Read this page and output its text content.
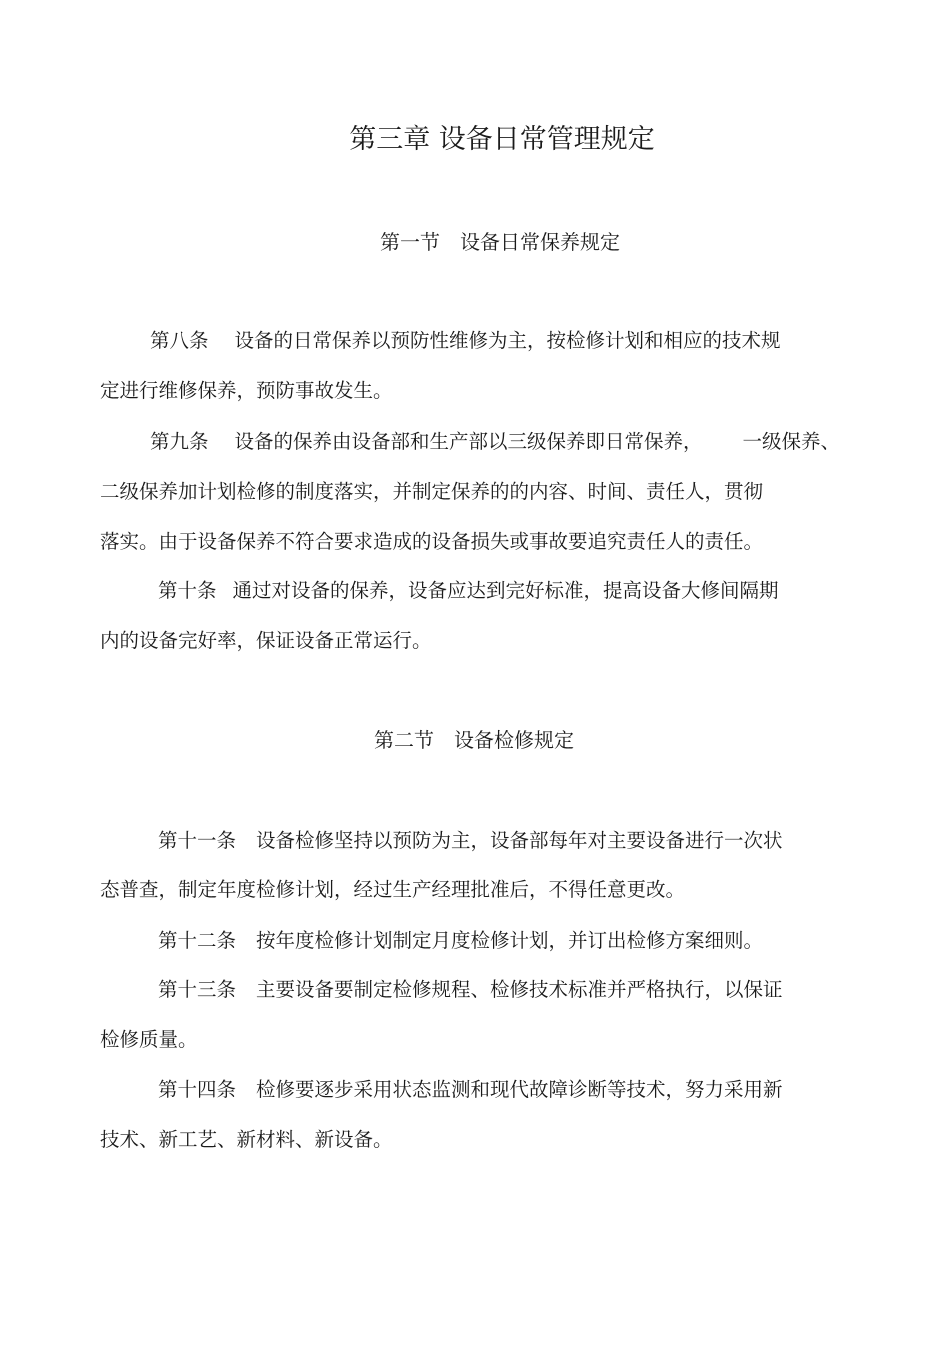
第三章 设备日常管理规定
第一节 设备日常保养规定
第八条 设备的日常保养以预防性维修为主，按检修计划和相应的技术规
定进行维修保养，预防事故发生。
第九条 设备的保养由设备部和生产部以三级保养即日常保养， 一级保养、
二级保养加计划检修的制度落实，并制定保养的的内容、时间、责任人，贯彻
落实。由于设备保养不符合要求造成的设备损失或事故要追究责任人的责任。
第十条 通过对设备的保养，设备应达到完好标准，提高设备大修间隔期
内的设备完好率，保证设备正常运行。
第二节 设备检修规定
第十一条 设备检修坚持以预防为主，设备部每年对主要设备进行一次状
态普查，制定年度检修计划，经过生产经理批准后，不得任意更改。
第十二条 按年度检修计划制定月度检修计划，并订出检修方案细则。
第十三条 主要设备要制定检修规程、检修技术标准并严格执行，以保证
检修质量。
第十四条 检修要逐步采用状态监测和现代故障诊断等技术，努力采用新
技术、新工艺、新材料、新设备。
